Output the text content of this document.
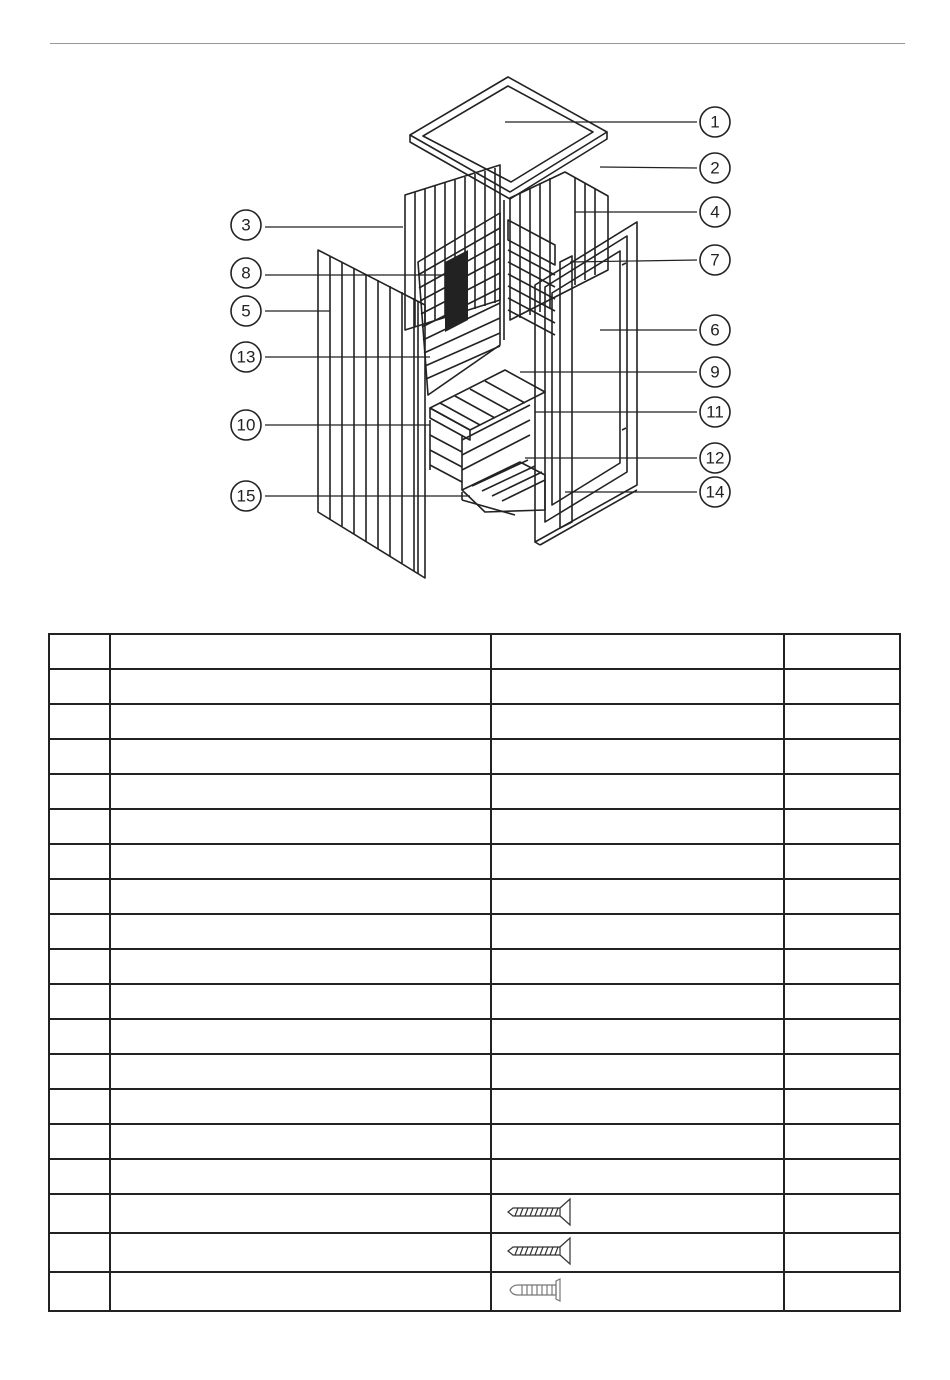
1
2
3
4
5
6
7
8
9
10
11
12
13
14
15
